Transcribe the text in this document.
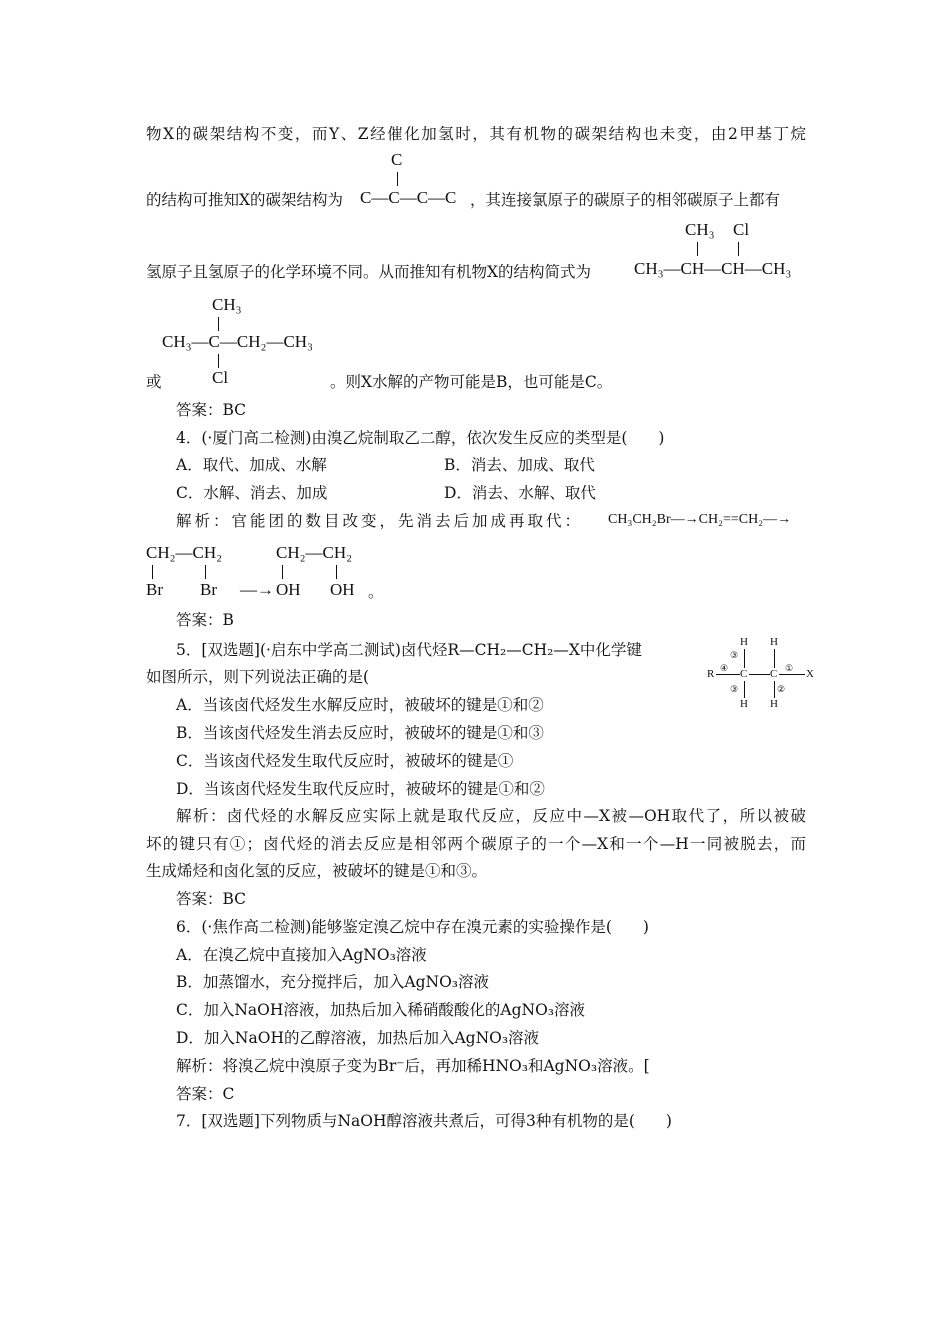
物X的碳架结构不变，而Y、Z经催化加氢时，其有机物的碳架结构也未变，由2甲基丁烷
C
的结构可推知X的碳架结构为 C—C—C—C ，其连接氯原子的碳原子的相邻碳原子上都有
CH₃ Cl
氢原子且氢原子的化学环境不同。从而推知有机物X的结构简式为	CH₃—CH—CH—CH₃
CH₃
CH₃—C—CH₂—CH₃
Cl
或	。则X水解的产物可能是B，也可能是C。
答案：BC
4．(·厦门高二检测)由溴乙烷制取乙二醇，依次发生反应的类型是(　　)
A．取代、加成、水解	B．消去、加成、取代
C．水解、消去、加成	D．消去、水解、取代
解析：官能团的数目改变，先消去后加成再取代： CH₃CH₂Br—→CH₂==CH₂—→
CH₂—CH₂
Br Br —→
CH₂—CH₂
OH OH 。
答案：B
5．[双选题](·启东中学高二测试)卤代烃R—CH₂—CH₂—X中化学键
如图所示，则下列说法正确的是(
H H
③
R ④ C C ① X
③	②
H H
A．当该卤代烃发生水解反应时，被破坏的键是①和②
B．当该卤代烃发生消去反应时，被破坏的键是①和③
C．当该卤代烃发生取代反应时，被破坏的键是①
D．当该卤代烃发生取代反应时，被破坏的键是①和②
解析：卤代烃的水解反应实际上就是取代反应，反应中—X被—OH取代了，所以被破
坏的键只有①；卤代烃的消去反应是相邻两个碳原子的一个—X和一个—H一同被脱去，而
生成烯烃和卤化氢的反应，被破坏的键是①和③。
答案：BC
6．(·焦作高二检测)能够鉴定溴乙烷中存在溴元素的实验操作是(　　)
A．在溴乙烷中直接加入AgNO₃溶液
B．加蒸馏水，充分搅拌后，加入AgNO₃溶液
C．加入NaOH溶液，加热后加入稀硝酸酸化的AgNO₃溶液
D．加入NaOH的乙醇溶液，加热后加入AgNO₃溶液
解析：将溴乙烷中溴原子变为Br⁻后，再加稀HNO₃和AgNO₃溶液。[
答案：C
7．[双选题]下列物质与NaOH醇溶液共煮后，可得3种有机物的是(　　)
